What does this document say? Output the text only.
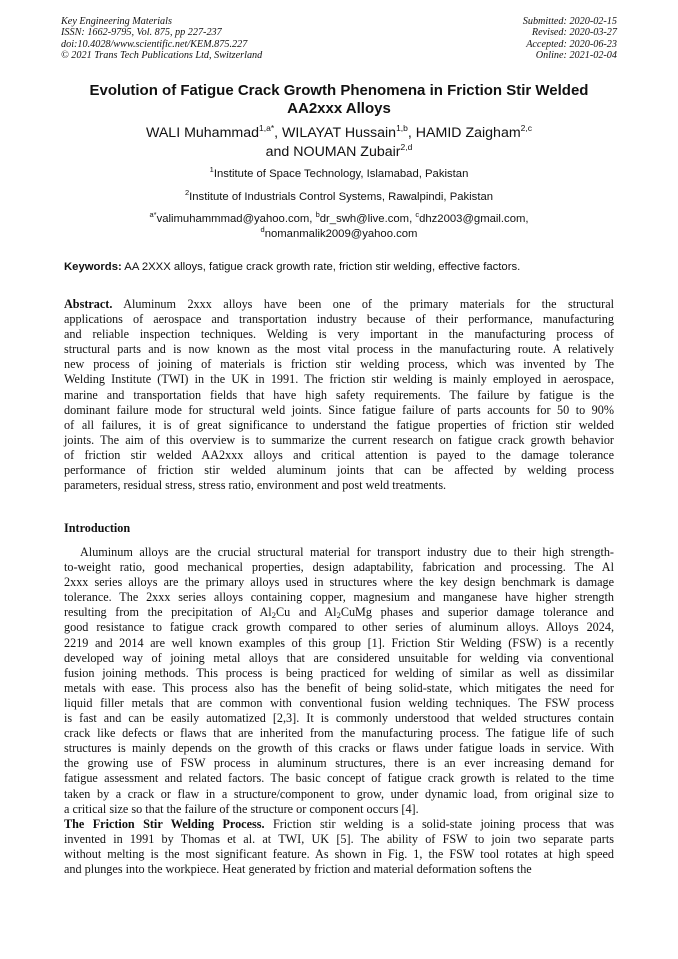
Key Engineering Materials
ISSN: 1662-9795, Vol. 875, pp 227-237
doi:10.4028/www.scientific.net/KEM.875.227
© 2021 Trans Tech Publications Ltd, Switzerland
Submitted: 2020-02-15
Revised: 2020-03-27
Accepted: 2020-06-23
Online: 2021-02-04
Evolution of Fatigue Crack Growth Phenomena in Friction Stir Welded
AA2xxx Alloys
WALI Muhammad$^{1,a*}$, WILAYAT Hussain$^{1,b}$, HAMID Zaigham$^{2,c}$
and NOUMAN Zubair$^{2,d}$
$^1$Institute of Space Technology, Islamabad, Pakistan
$^2$Institute of Industrials Control Systems, Rawalpindi, Pakistan
$^{a*}$valimuhammmad@yahoo.com, $^b$dr_swh@live.com, $^c$dhz2003@gmail.com,
$^d$nomanmalik2009@yahoo.com
Keywords: AA 2XXX alloys, fatigue crack growth rate, friction stir welding, effective factors.
Abstract. Aluminum 2xxx alloys have been one of the primary materials for the structural
applications of aerospace and transportation industry because of their performance, manufacturing
and reliable inspection techniques. Welding is very important in the manufacturing process of
structural parts and is now known as the most vital process in the manufacturing route. A relatively
new process of joining of materials is friction stir welding process, which was invented by The
Welding Institute (TWI) in the UK in 1991. The friction stir welding is mainly employed in aerospace,
marine and transportation fields that have high safety requirements. The failure by fatigue is the
dominant failure mode for structural weld joints. Since fatigue failure of parts accounts for 50 to 90%
of all failures, it is of great significance to understand the fatigue properties of friction stir welded
joints. The aim of this overview is to summarize the current research on fatigue crack growth behavior
of friction stir welded AA2xxx alloys and critical attention is payed to the damage tolerance
performance of friction stir welded aluminum joints that can be affected by welding process
parameters, residual stress, stress ratio, environment and post weld treatments.
Introduction
Aluminum alloys are the crucial structural material for transport industry due to their high strength-
to-weight ratio, good mechanical properties, design adaptability, fabrication and processing. The Al
2xxx series alloys are the primary alloys used in structures where the key design benchmark is damage
tolerance. The 2xxx series alloys containing copper, magnesium and manganese have higher strength
resulting from the precipitation of $Al_2Cu$ and $Al_2CuMg$ phases and superior damage tolerance and
good resistance to fatigue crack growth compared to other series of aluminum alloys. Alloys 2024,
2219 and 2014 are well known examples of this group [1]. Friction Stir Welding (FSW) is a recently
developed way of joining metal alloys that are considered unsuitable for welding via conventional
fusion joining methods. This process is being practiced for welding of similar as well as dissimilar
metals with ease. This process also has the benefit of being solid-state, which mitigates the need for
liquid filler metals that are common with conventional fusion welding techniques. The FSW process
is fast and can be easily automatized [2,3]. It is commonly understood that welded structures contain
crack like defects or flaws that are inherited from the manufacturing process. The fatigue life of such
structures is mainly depends on the growth of this cracks or flaws under fatigue loads in service. With
the growing use of FSW process in aluminum structures, there is an ever increasing demand for
fatigue assessment and related factors. The basic concept of fatigue crack growth is related to the time
taken by a crack or flaw in a structure/component to grow, under dynamic load, from original size to
a critical size so that the failure of the structure or component occurs [4].
The Friction Stir Welding Process. Friction stir welding is a solid-state joining process that was
invented in 1991 by Thomas et al. at TWI, UK [5]. The ability of FSW to join two separate parts
without melting is the most significant feature. As shown in Fig. 1, the FSW tool rotates at high speed
and plunges into the workpiece. Heat generated by friction and material deformation softens the
